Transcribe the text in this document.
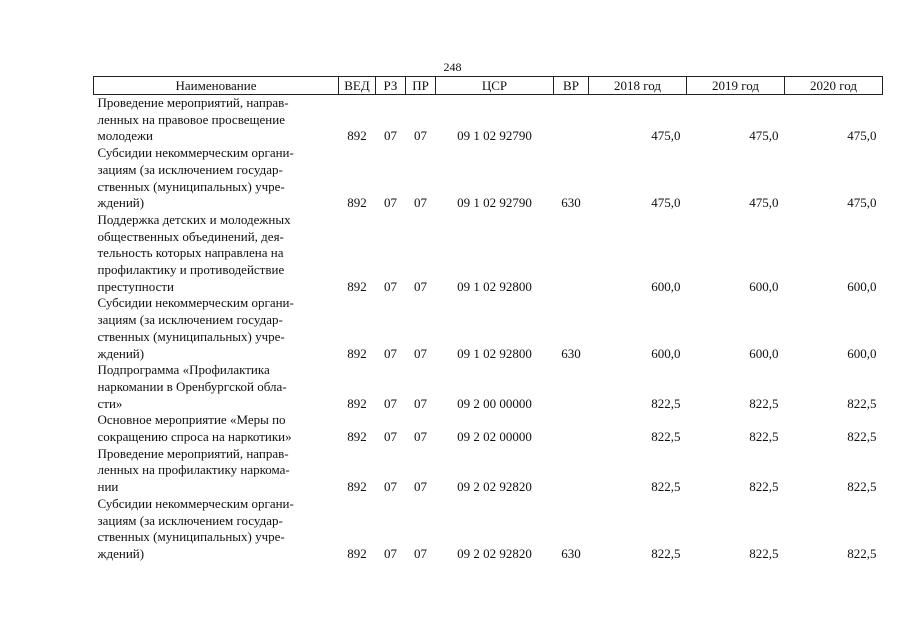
248
Наименование	ВЕД	РЗ	ПР	ЦСР	ВР	2018 год	2019 год	2020 год

Проведение мероприятий, направ-
ленных на правовое просвещение
молодежи	892	07	07	09 1 02 92790		475,0	475,0	475,0

Субсидии некоммерческим органи-
зациям (за исключением государ-
ственных (муниципальных) учре-
ждений)	892	07	07	09 1 02 92790	630	475,0	475,0	475,0

Поддержка детских и молодежных
общественных объединений, дея-
тельность которых направлена на
профилактику и противодействие
преступности	892	07	07	09 1 02 92800		600,0	600,0	600,0

Субсидии некоммерческим органи-
зациям (за исключением государ-
ственных (муниципальных) учре-
ждений)	892	07	07	09 1 02 92800	630	600,0	600,0	600,0

Подпрограмма «Профилактика
наркомании в Оренбургской обла-
сти»	892	07	07	09 2 00 00000		822,5	822,5	822,5

Основное мероприятие «Меры по
сокращению спроса на наркотики»	892	07	07	09 2 02 00000		822,5	822,5	822,5

Проведение мероприятий, направ-
ленных на профилактику наркома-
нии	892	07	07	09 2 02 92820		822,5	822,5	822,5

Субсидии некоммерческим органи-
зациям (за исключением государ-
ственных (муниципальных) учре-
ждений)	892	07	07	09 2 02 92820	630	822,5	822,5	822,5
